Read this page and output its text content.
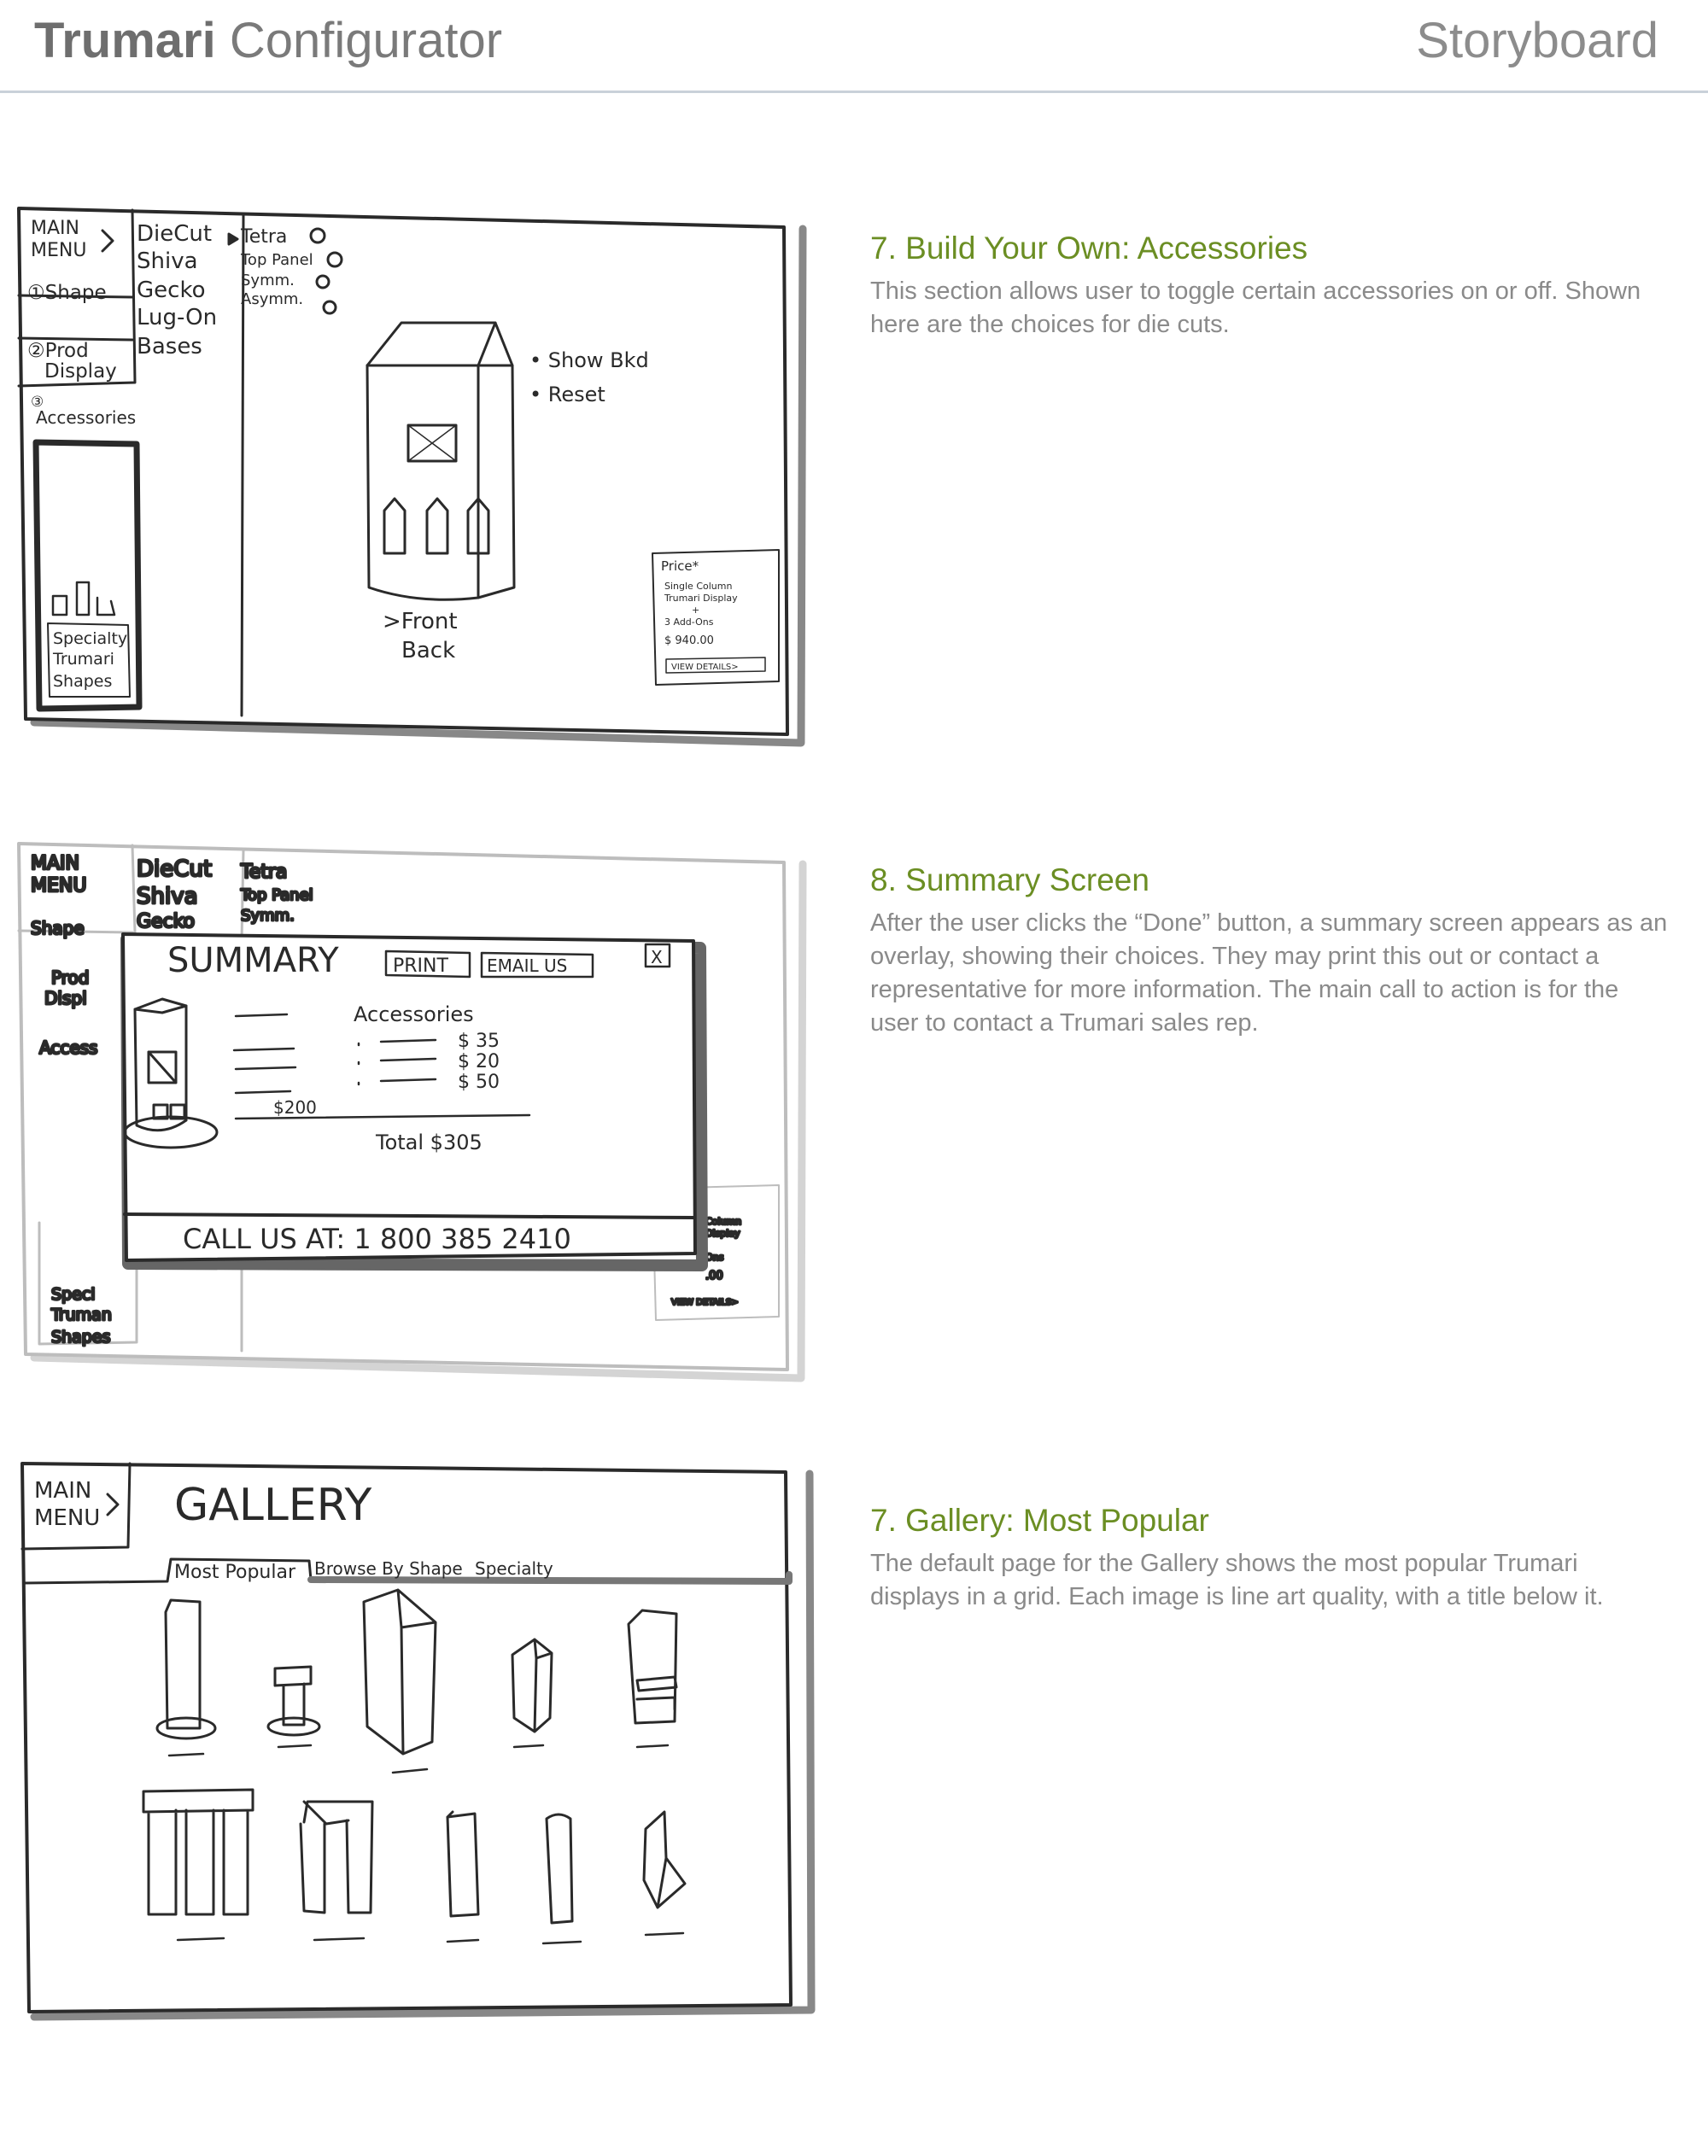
Trumari Configurator	Storyboard
MAIN
MENU
①Shape
②Prod
Display
③
Accessories
DieCut
Shiva
Gecko
Lug-On
Bases
Tetra
Top Panel
Symm.
Asymm.
• Show Bkd
• Reset
>Front
Back
Specialty
Trumari
Shapes
Price*
Single Column
Trumari Display
+
3 Add-Ons
$ 940.00
VIEW DETAILS>
7. Build Your Own: Accessories

This section allows user to toggle certain accessories on or off. Shown here are the choices for die cuts.

MAIN
MENU
Shape
Prod
Displ
Access
DieCut
Shiva
Gecko
Tetra
Top Panel
Symm.
Speci
Truman
Shapes
Column
Display
Ons
.00
VIEW DETAILS>
SUMMARY	PRINT EMAIL US	X
$200
Accessories
$ 35
$ 20
$ 50
Total $305
CALL US AT: 1 800 385 2410
8. Summary Screen

After the user clicks the “Done” button, a summary screen appears as an overlay, showing their choices. They may print this out or contact a representative for more information. The main call to action is for the user to contact a Trumari sales rep.

MAIN
MENU GALLERY
Most Popular Browse By Shape Specialty
7. Gallery: Most Popular

The default page for the Gallery shows the most popular Trumari displays in a grid. Each image is line art quality, with a title below it.
